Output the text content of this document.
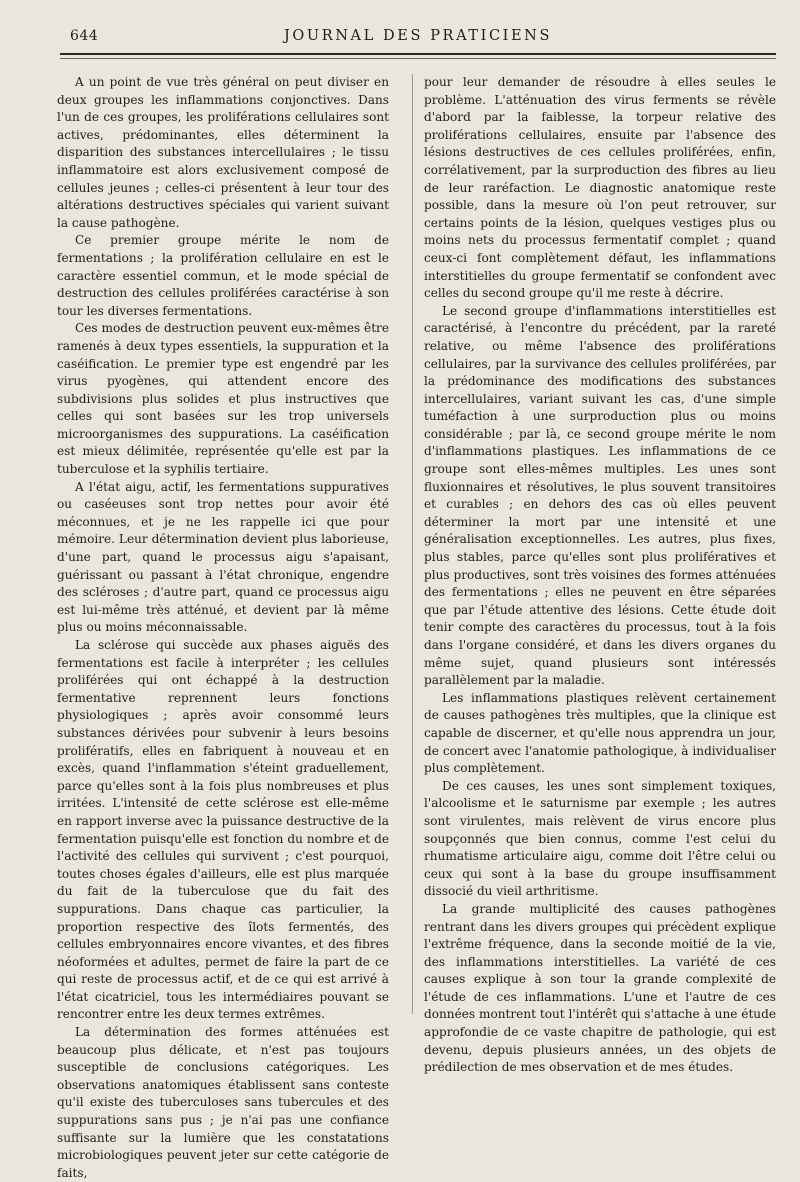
644	JOURNAL DES PRATICIENS

A un point de vue très général on peut diviser en deux groupes les inflammations conjonctives. Dans l'un de ces groupes, les proliférations cellulaires sont actives, prédominantes, elles déterminent la disparition des substances intercellulaires ; le tissu inflammatoire est alors exclusivement composé de cellules jeunes ; celles-ci présentent à leur tour des altérations destructives spéciales qui varient suivant la cause pathogène.

Ce premier groupe mérite le nom de fermentations ; la prolifération cellulaire en est le caractère essentiel commun, et le mode spécial de destruction des cellules proliférées caractérise à son tour les diverses fermentations.

Ces modes de destruction peuvent eux-mêmes être ramenés à deux types essentiels, la suppuration et la caséification. Le premier type est engendré par les virus pyogènes, qui attendent encore des subdivisions plus solides et plus instructives que celles qui sont basées sur les trop universels microorganismes des suppurations. La caséification est mieux délimitée, représentée qu'elle est par la tuberculose et la syphilis tertiaire.

A l'état aigu, actif, les fermentations suppuratives ou caséeuses sont trop nettes pour avoir été méconnues, et je ne les rappelle ici que pour mémoire. Leur détermination devient plus laborieuse, d'une part, quand le processus aigu s'apaisant, guérissant ou passant à l'état chronique, engendre des scléroses ; d'autre part, quand ce processus aigu est lui-même très atténué, et devient par là même plus ou moins méconnaissable.

La sclérose qui succède aux phases aiguës des fermentations est facile à interpréter ; les cellules proliférées qui ont échappé à la destruction fermentative reprennent leurs fonctions physiologiques ; après avoir consommé leurs substances dérivées pour subvenir à leurs besoins prolifératifs, elles en fabriquent à nouveau et en excès, quand l'inflammation s'éteint graduellement, parce qu'elles sont à la fois plus nombreuses et plus irritées. L'intensité de cette sclérose est elle-même en rapport inverse avec la puissance destructive de la fermentation puisqu'elle est fonction du nombre et de l'activité des cellules qui survivent ; c'est pourquoi, toutes choses égales d'ailleurs, elle est plus marquée du fait de la tuberculose que du fait des suppurations. Dans chaque cas particulier, la proportion respective des îlots fermentés, des cellules embryonnaires encore vivantes, et des fibres néoformées et adultes, permet de faire la part de ce qui reste de processus actif, et de ce qui est arrivé à l'état cicatriciel, tous les intermédiaires pouvant se rencontrer entre les deux termes extrêmes.

La détermination des formes atténuées est beaucoup plus délicate, et n'est pas toujours susceptible de conclusions catégoriques. Les observations anatomiques établissent sans conteste qu'il existe des tuberculoses sans tubercules et des suppurations sans pus ; je n'ai pas une confiance suffisante sur la lumière que les constatations microbiologiques peuvent jeter sur cette catégorie de faits,

pour leur demander de résoudre à elles seules le problème. L'atténuation des virus ferments se révèle d'abord par la faiblesse, la torpeur relative des proliférations cellulaires, ensuite par l'absence des lésions destructives de ces cellules proliférées, enfin, corrélativement, par la surproduction des fibres au lieu de leur raréfaction. Le diagnostic anatomique reste possible, dans la mesure où l'on peut retrouver, sur certains points de la lésion, quelques vestiges plus ou moins nets du processus fermentatif complet ; quand ceux-ci font complètement défaut, les inflammations interstitielles du groupe fermentatif se confondent avec celles du second groupe qu'il me reste à décrire.

Le second groupe d'inflammations interstitielles est caractérisé, à l'encontre du précédent, par la rareté relative, ou même l'absence des proliférations cellulaires, par la survivance des cellules proliférées, par la prédominance des modifications des substances intercellulaires, variant suivant les cas, d'une simple tuméfaction à une surproduction plus ou moins considérable ; par là, ce second groupe mérite le nom d'inflammations plastiques. Les inflammations de ce groupe sont elles-mêmes multiples. Les unes sont fluxionnaires et résolutives, le plus souvent transitoires et curables ; en dehors des cas où elles peuvent déterminer la mort par une intensité et une généralisation exceptionnelles. Les autres, plus fixes, plus stables, parce qu'elles sont plus prolifératives et plus productives, sont très voisines des formes atténuées des fermentations ; elles ne peuvent en être séparées que par l'étude attentive des lésions. Cette étude doit tenir compte des caractères du processus, tout à la fois dans l'organe considéré, et dans les divers organes du même sujet, quand plusieurs sont intéressés parallèlement par la maladie.

Les inflammations plastiques relèvent certainement de causes pathogènes très multiples, que la clinique est capable de discerner, et qu'elle nous apprendra un jour, de concert avec l'anatomie pathologique, à individualiser plus complètement.

De ces causes, les unes sont simplement toxiques, l'alcoolisme et le saturnisme par exemple ; les autres sont virulentes, mais relèvent de virus encore plus soupçonnés que bien connus, comme l'est celui du rhumatisme articulaire aigu, comme doit l'être celui ou ceux qui sont à la base du groupe insuffisamment dissocié du vieil arthritisme.

La grande multiplicité des causes pathogènes rentrant dans les divers groupes qui précèdent explique l'extrême fréquence, dans la seconde moitié de la vie, des inflammations interstitielles. La variété de ces causes explique à son tour la grande complexité de l'étude de ces inflammations. L'une et l'autre de ces données montrent tout l'intérêt qui s'attache à une étude approfondie de ce vaste chapitre de pathologie, qui est devenu, depuis plusieurs années, un des objets de prédilection de mes observation et de mes études.
